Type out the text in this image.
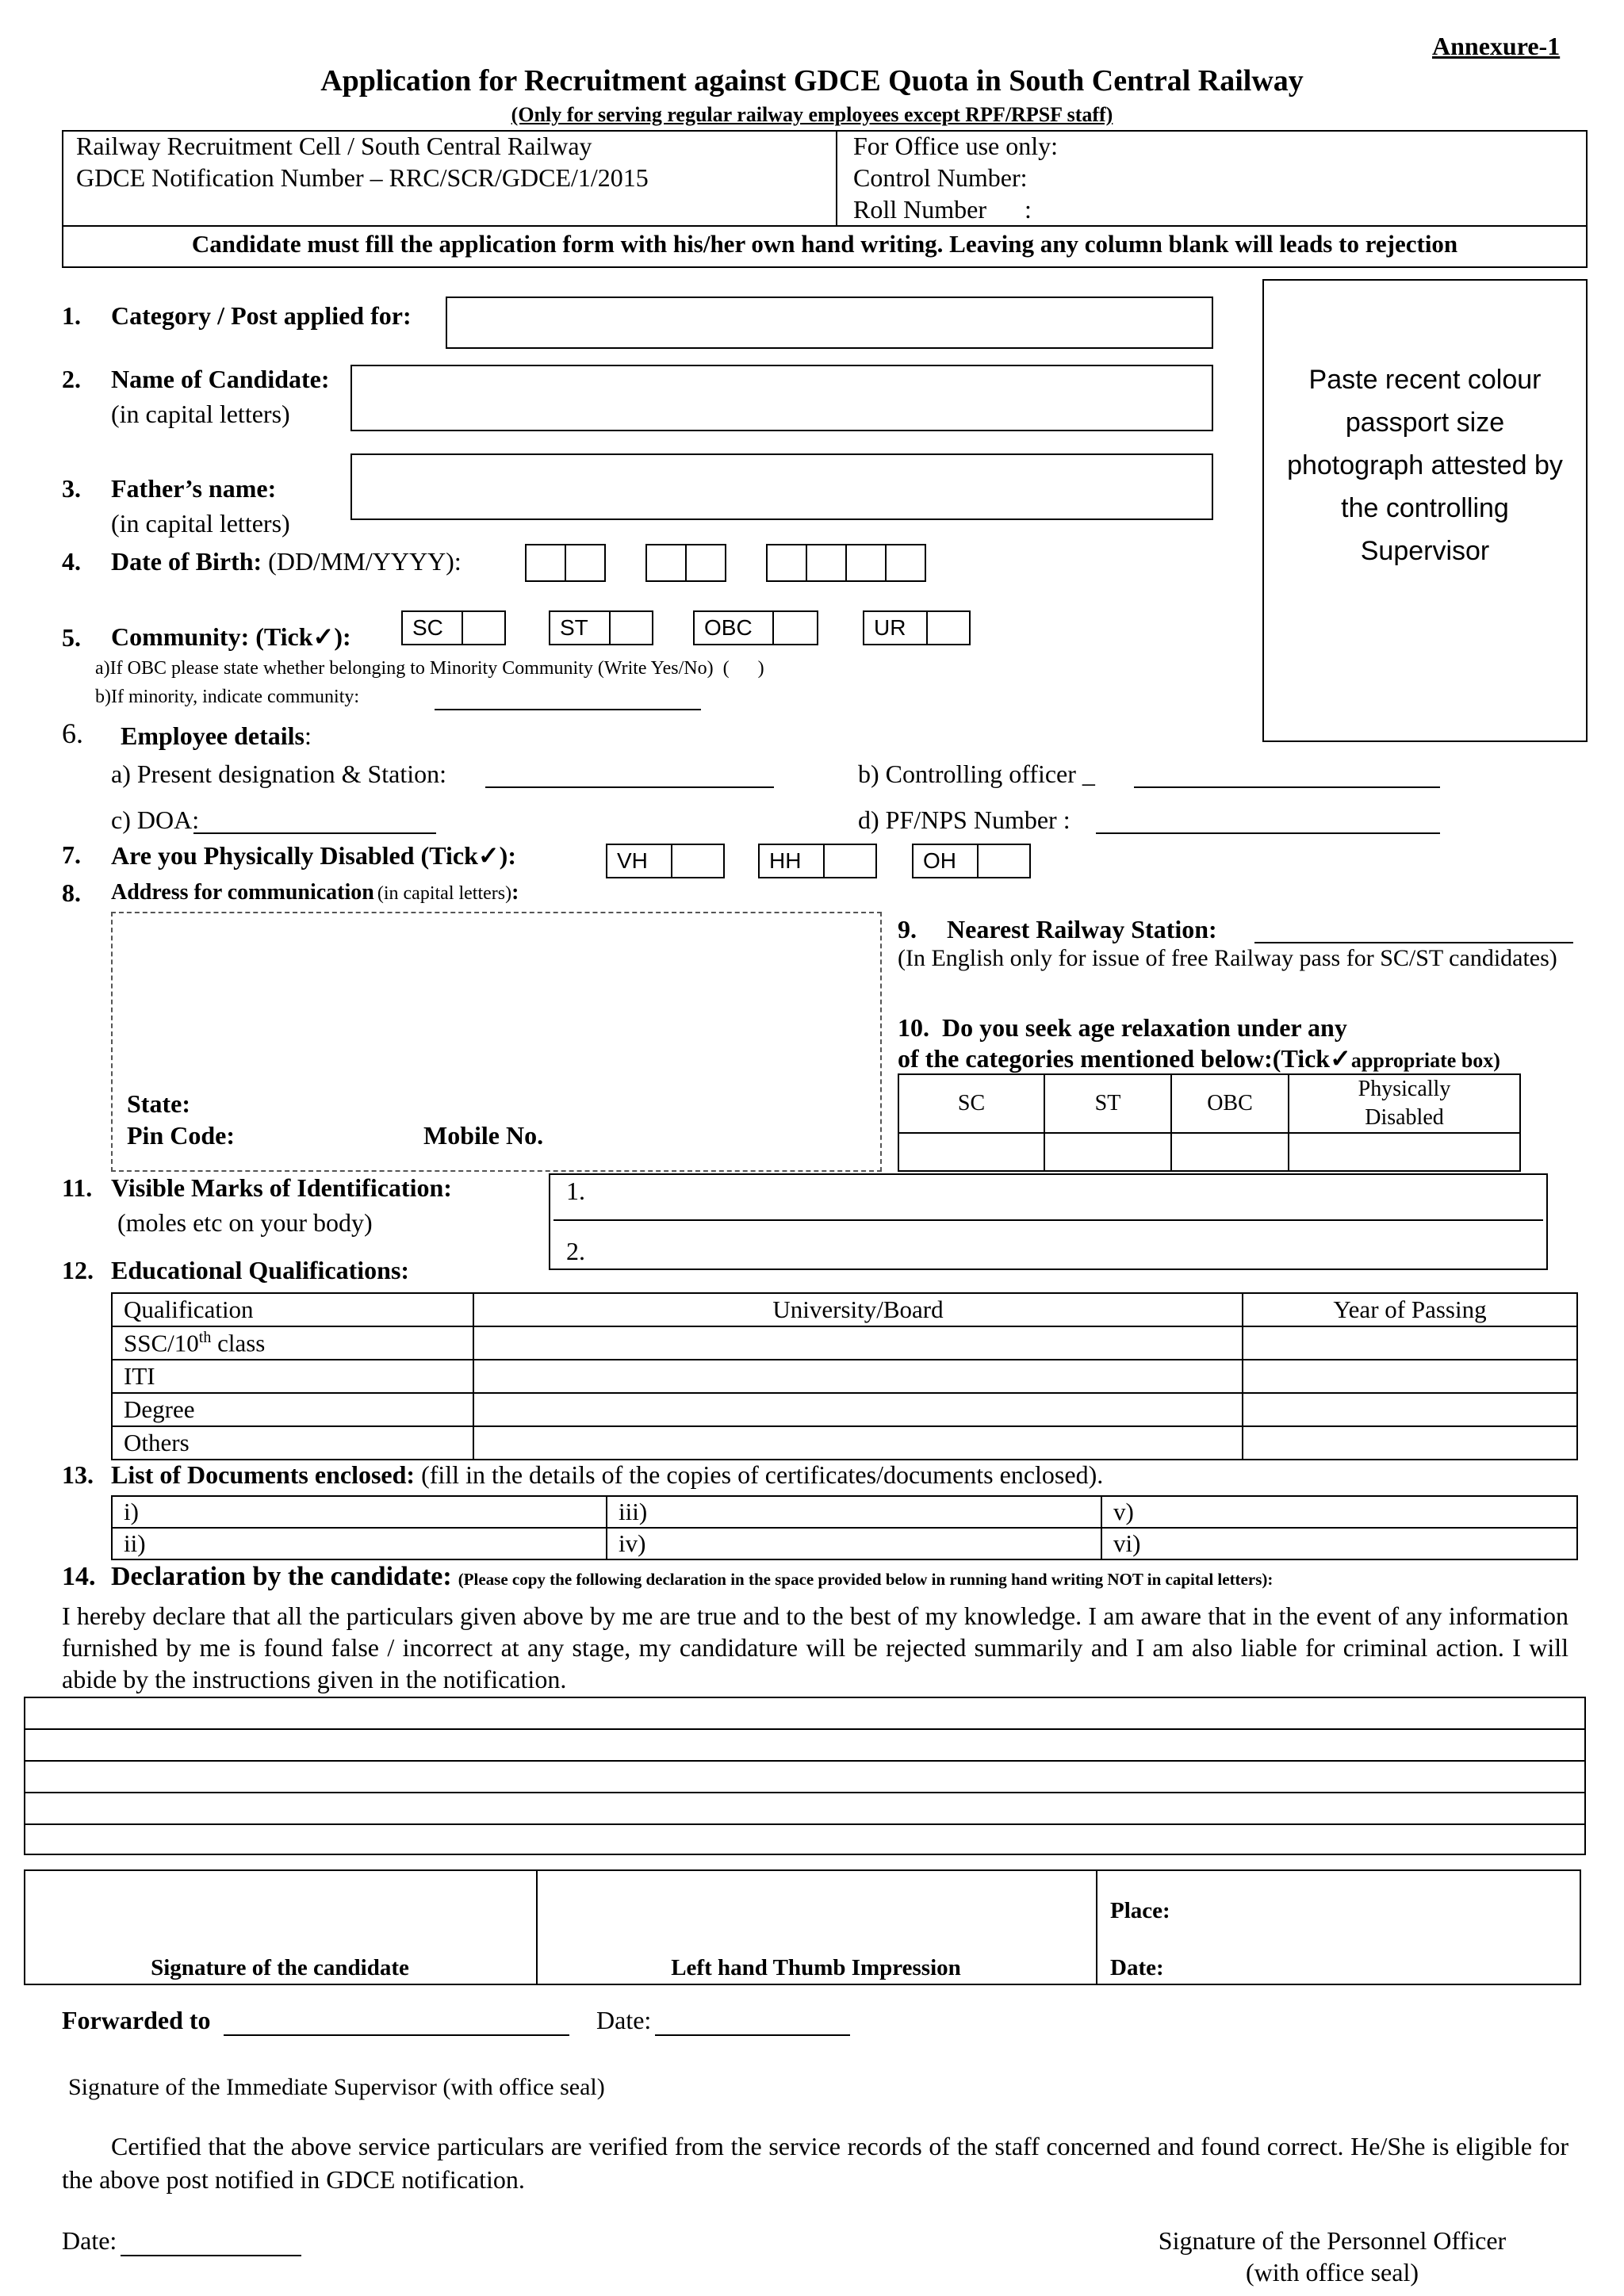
Annexure-1
Application for Recruitment against GDCE Quota in South Central Railway
(Only for serving regular railway employees except RPF/RPSF staff)
Railway Recruitment Cell / South Central Railway
GDCE Notification Number – RRC/SCR/GDCE/1/2015
For Office use only:
Control Number:
Roll Number      :
Candidate must fill the application form with his/her own hand writing. Leaving any column blank will leads to rejection
Paste recent colour passport size photograph attested by the controlling Supervisor
1. Category / Post applied for:
2. Name of Candidate:
(in capital letters)
3. Father’s name:
(in capital letters)
4. Date of Birth: (DD/MM/YYYY):
5. Community: (Tick✓):	SC	ST	OBC	UR
a)If OBC please state whether belonging to Minority Community (Write Yes/No)  (      )
b)If minority, indicate community:
6. Employee details:
a) Present designation & Station:	b) Controlling officer _
c) DOA:	d) PF/NPS Number :
7. Are you Physically Disabled (Tick✓):	VH	HH	OH
8. Address for communication (in capital letters):
State:
Pin Code:	Mobile No.
9. Nearest Railway Station:
(In English only for issue of free Railway pass for SC/ST candidates)
10.  Do you seek age relaxation under any
of the categories mentioned below:(Tick✓appropriate box)
SC	ST	OBC	Physically Disabled

11. Visible Marks of Identification:
(moles etc on your body)
1.
2.
12. Educational Qualifications:
Qualification	University/Board	Year of Passing
SSC/10th class		
ITI		
Degree		
Others		
13. List of Documents enclosed: (fill in the details of the copies of certificates/documents enclosed).
i)	iii)	v)
ii)	iv)	vi)
14. Declaration by the candidate: (Please copy the following declaration in the space provided below in running hand writing NOT in capital letters):
I hereby declare that all the particulars given above by me are true and to the best of my knowledge. I am aware that in the event of any information furnished by me is found false / incorrect at any stage, my candidature will be rejected summarily and I am also liable for criminal action. I will abide by the instructions given in the notification.
Signature of the candidate	Left hand Thumb Impression
Place:
Date:
Forwarded to	Date:
Signature of the Immediate Supervisor (with office seal)
Certified that the above service particulars are verified from the service records of the staff concerned and found correct. He/She is eligible for the above post notified in GDCE notification.
Date:	Signature of the Personnel Officer
(with office seal)
